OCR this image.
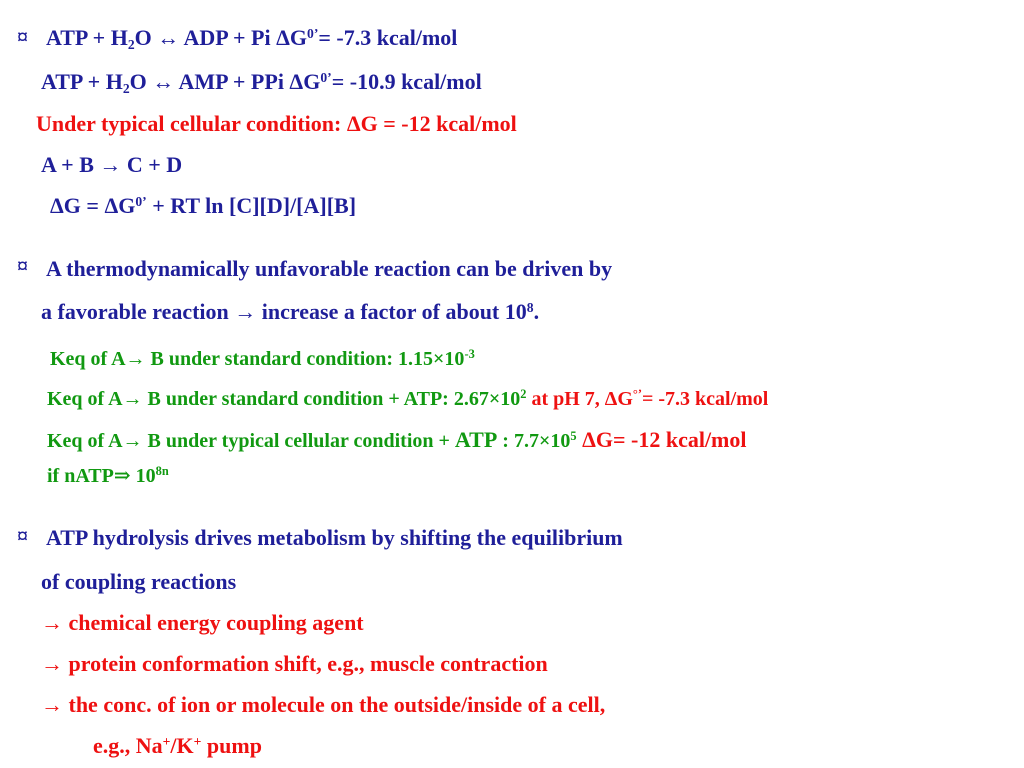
¤ ATP + $H_2O$ ↔ ADP + Pi $\Delta G^{0’}= -7.3$ kcal/mol
ATP + $H_2O$ ↔ AMP + PPi $\Delta G^{0’}= -10.9$ kcal/mol
Under typical cellular condition: ΔG = -12 kcal/mol
A + B → C + D
$\Delta G = \Delta G^{0’}$ + RT ln [C][D]/[A][B]
¤ A thermodynamically unfavorable reaction can be driven by
a favorable reaction → increase a factor of about $10^8$.
Keq of A→ B under standard condition: $1.15\times 10^{-3}$
Keq of A→ B under standard condition + ATP: $2.67\times 10^2$ at pH 7, ΔG°’= -7.3 kcal/mol
Keq of A→ B under typical cellular condition + ATP : $7.7\times 10^5$ ΔG= -12 kcal/mol
if nATP⇒ $10^{8n}$
¤ ATP hydrolysis drives metabolism by shifting the equilibrium
of coupling reactions
→ chemical energy coupling agent
→ protein conformation shift, e.g., muscle contraction
→ the conc. of ion or molecule on the outside/inside of a cell,
e.g., Na+/K+ pump
